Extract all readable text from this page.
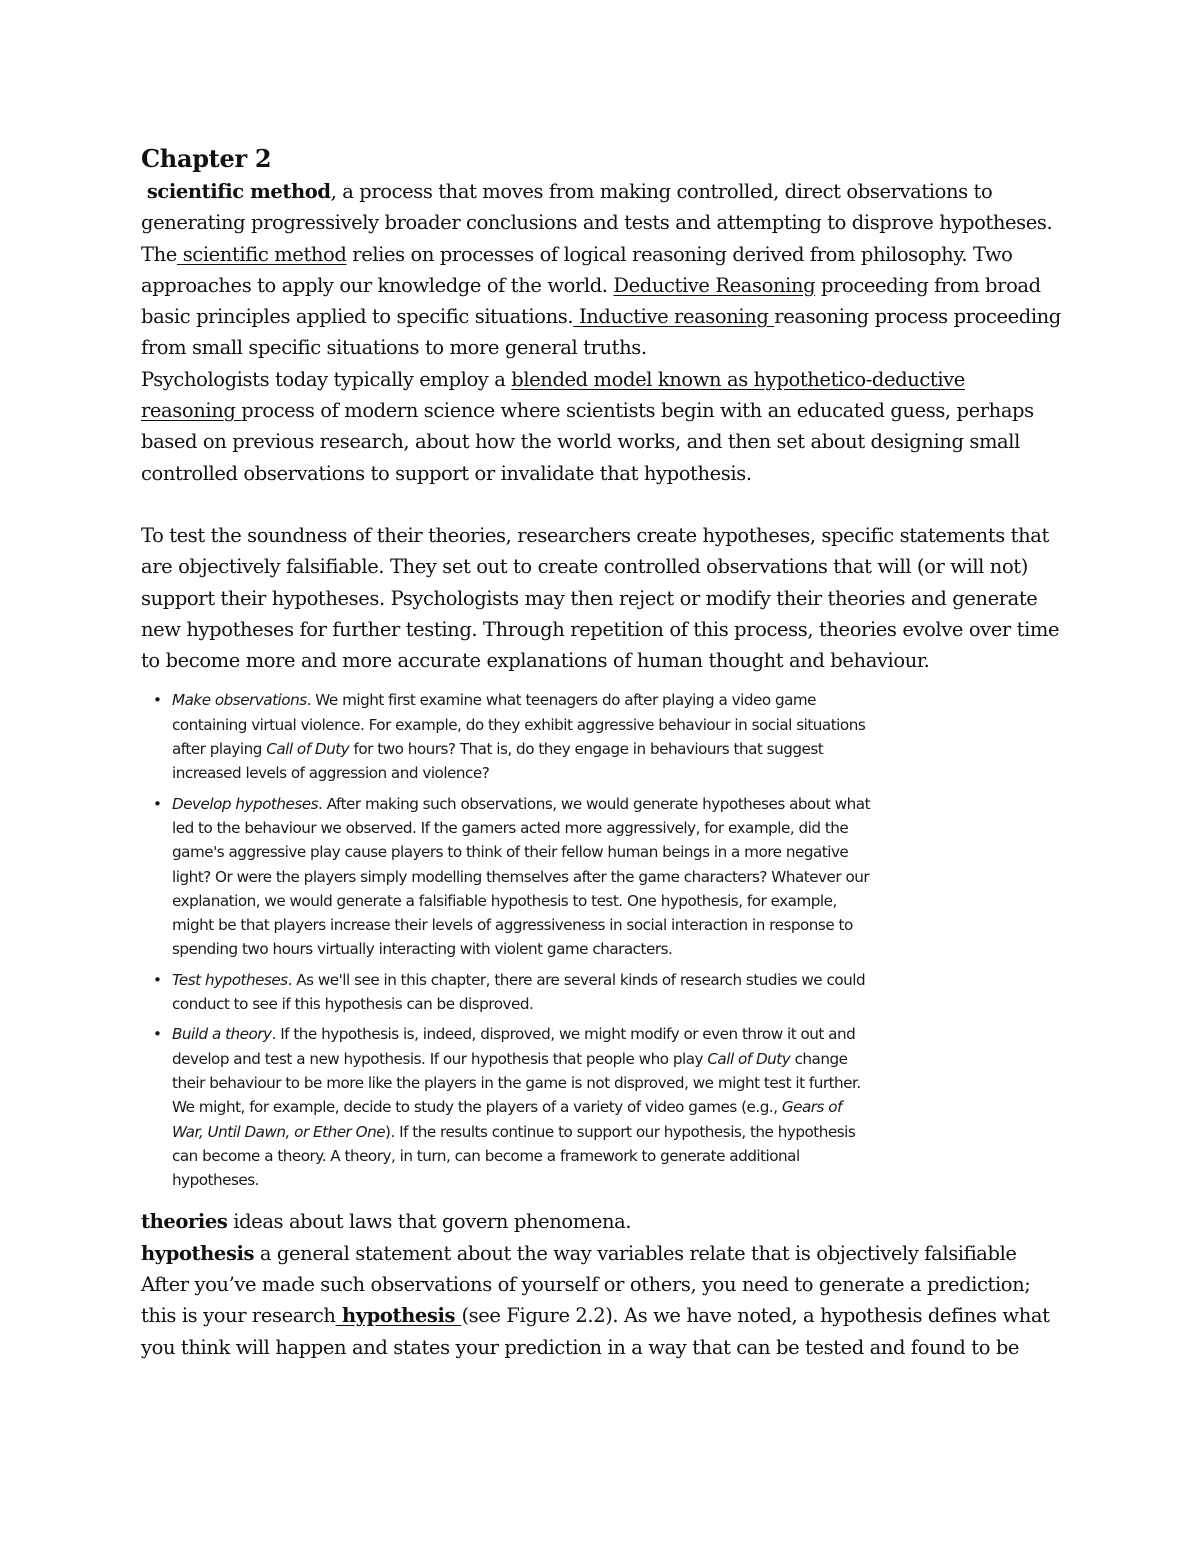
Chapter 2

scientific method, a process that moves from making controlled, direct observations to generating progressively broader conclusions and tests and attempting to disprove hypotheses. The scientific method relies on processes of logical reasoning derived from philosophy. Two approaches to apply our knowledge of the world. Deductive Reasoning proceeding from broad basic principles applied to specific situations. Inductive reasoning reasoning process proceeding from small specific situations to more general truths.

Psychologists today typically employ a blended model known as hypothetico-deductive reasoning process of modern science where scientists begin with an educated guess, perhaps based on previous research, about how the world works, and then set about designing small controlled observations to support or invalidate that hypothesis.

To test the soundness of their theories, researchers create hypotheses, specific statements that are objectively falsifiable. They set out to create controlled observations that will (or will not) support their hypotheses. Psychologists may then reject or modify their theories and generate new hypotheses for further testing. Through repetition of this process, theories evolve over time to become more and more accurate explanations of human thought and behaviour.

• Make observations. We might first examine what teenagers do after playing a video game containing virtual violence. For example, do they exhibit aggressive behaviour in social situations after playing Call of Duty for two hours? That is, do they engage in behaviours that suggest increased levels of aggression and violence?
• Develop hypotheses. After making such observations, we would generate hypotheses about what led to the behaviour we observed. If the gamers acted more aggressively, for example, did the game's aggressive play cause players to think of their fellow human beings in a more negative light? Or were the players simply modelling themselves after the game characters? Whatever our explanation, we would generate a falsifiable hypothesis to test. One hypothesis, for example, might be that players increase their levels of aggressiveness in social interaction in response to spending two hours virtually interacting with violent game characters.
• Test hypotheses. As we'll see in this chapter, there are several kinds of research studies we could conduct to see if this hypothesis can be disproved.
• Build a theory. If the hypothesis is, indeed, disproved, we might modify or even throw it out and develop and test a new hypothesis. If our hypothesis that people who play Call of Duty change their behaviour to be more like the players in the game is not disproved, we might test it further. We might, for example, decide to study the players of a variety of video games (e.g., Gears of War, Until Dawn, or Ether One). If the results continue to support our hypothesis, the hypothesis can become a theory. A theory, in turn, can become a framework to generate additional hypotheses.

theories ideas about laws that govern phenomena.

hypothesis a general statement about the way variables relate that is objectively falsifiable

After you’ve made such observations of yourself or others, you need to generate a prediction; this is your research hypothesis (see Figure 2.2). As we have noted, a hypothesis defines what you think will happen and states your prediction in a way that can be tested and found to be
